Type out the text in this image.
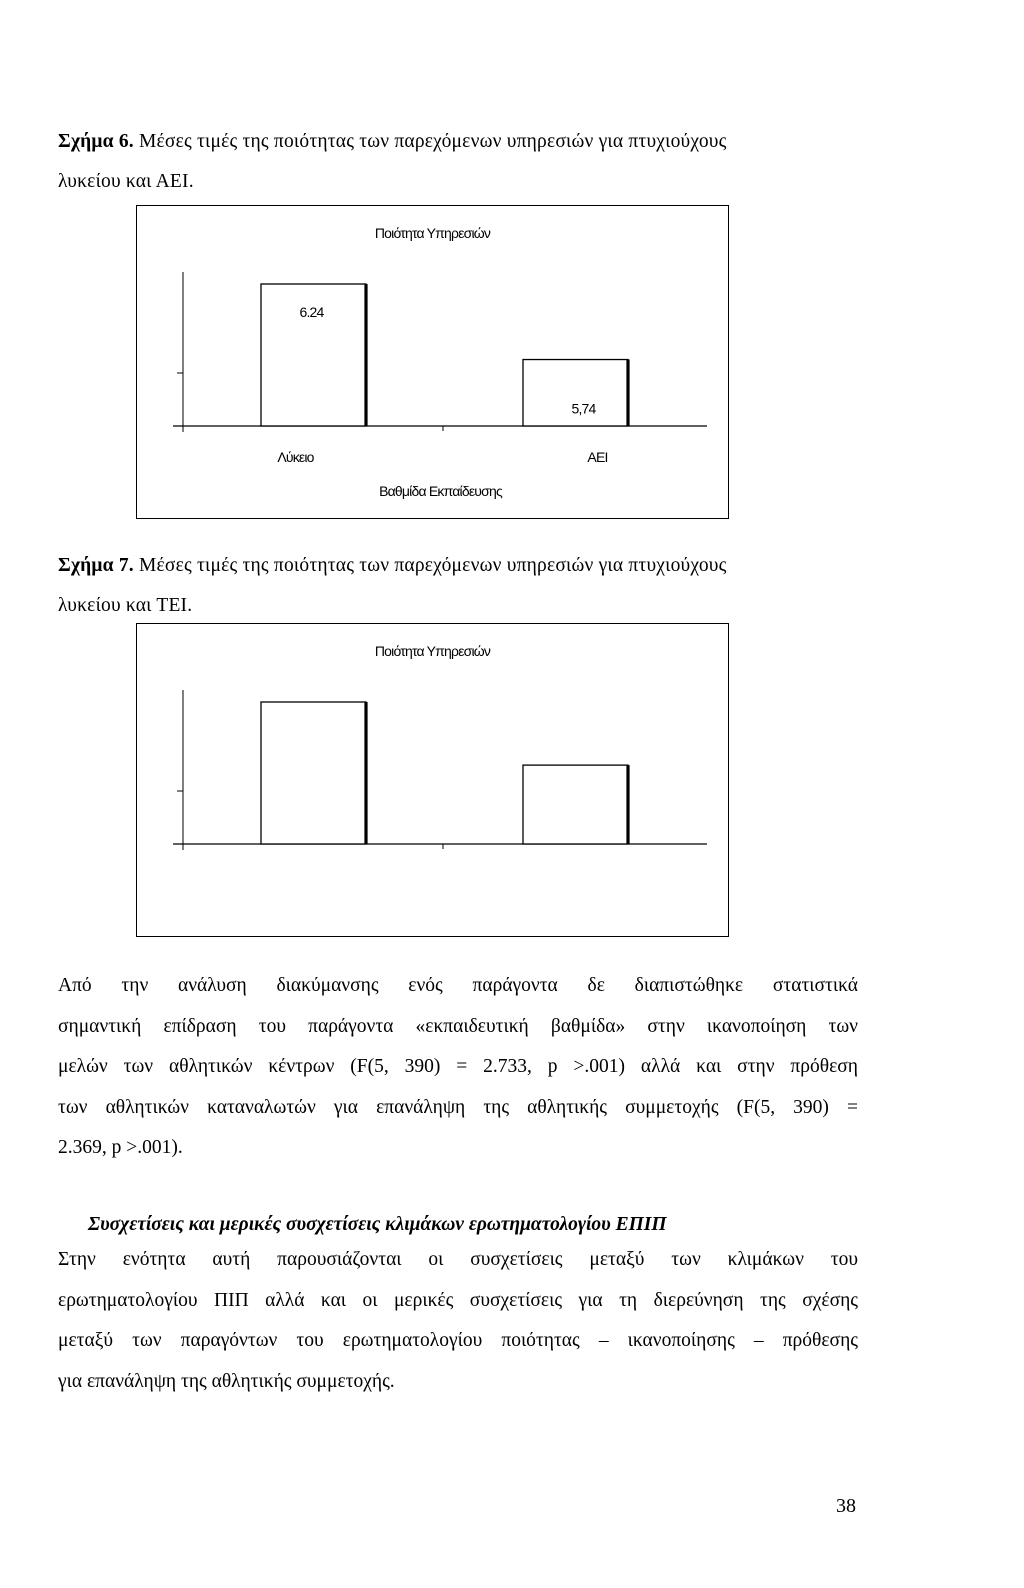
Σχήμα 6. Μέσες τιμές της ποιότητας των παρεχόμενων υπηρεσιών για πτυχιούχους
λυκείου και ΑΕΙ.
Ποιότητα Υπηρεσιών
6.24
Λύκειο
5,74
ΑΕΙ
Βαθμίδα Εκπαίδευσης
Σχήμα 7. Μέσες τιμές της ποιότητας των παρεχόμενων υπηρεσιών για πτυχιούχους
λυκείου και ΤΕΙ.
Ποιότητα Υπηρεσιών
Από την ανάλυση διακύμανσης ενός παράγοντα δε διαπιστώθηκε στατιστικά
σημαντική επίδραση του παράγοντα «εκπαιδευτική βαθμίδα» στην ικανοποίηση των
μελών των αθλητικών κέντρων (F(5, 390) = 2.733, p >.001) αλλά και στην πρόθεση
των αθλητικών καταναλωτών για επανάληψη της αθλητικής συμμετοχής (F(5, 390) =
2.369, p >.001).
Συσχετίσεις και μερικές συσχετίσεις κλιμάκων ερωτηματολογίου ΕΠΙΠ
Στην ενότητα αυτή παρουσιάζονται οι συσχετίσεις μεταξύ των κλιμάκων του
ερωτηματολογίου ΠΙΠ αλλά και οι μερικές συσχετίσεις για τη διερεύνηση της σχέσης
μεταξύ των παραγόντων του ερωτηματολογίου ποιότητας – ικανοποίησης – πρόθεσης
για επανάληψη της αθλητικής συμμετοχής.
38
